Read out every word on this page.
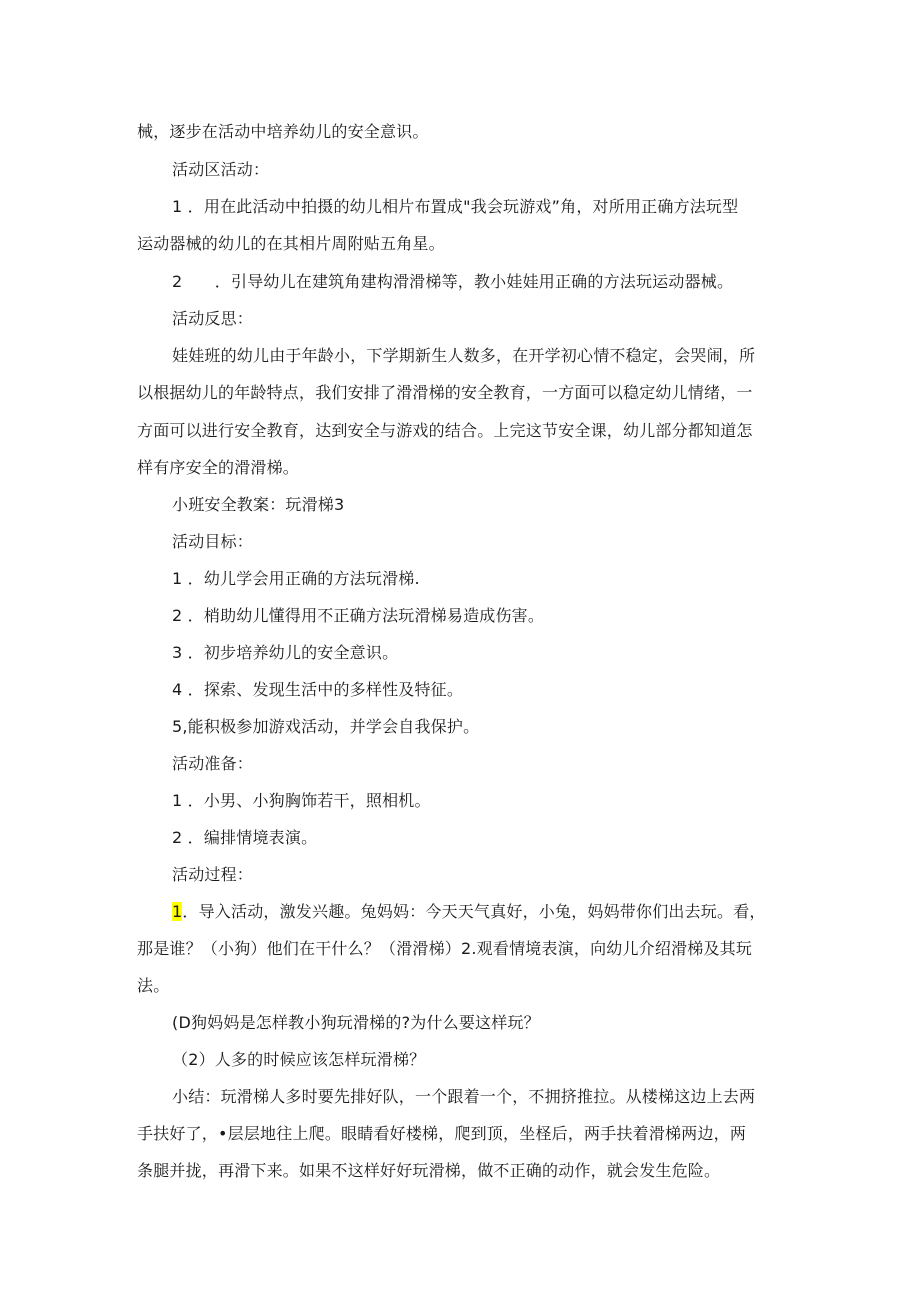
械，逐步在活动中培养幼儿的安全意识。
活动区活动：
1 ．用在此活动中拍摄的幼儿相片布置成"我会玩游戏”角，对所用正确方法玩型
运动器械的幼儿的在其相片周附贴五角星。
2　　．引导幼儿在建筑角建构滑滑梯等，教小娃娃用正确的方法玩运动器械。
活动反思：
娃娃班的幼儿由于年龄小，下学期新生人数多，在开学初心情不稳定，会哭闹，所
以根据幼儿的年龄特点，我们安排了滑滑梯的安全教育，一方面可以稳定幼儿情绪，一
方面可以进行安全教育，达到安全与游戏的结合。上完这节安全课，幼儿部分都知道怎
样有序安全的滑滑梯。
小班安全教案：玩滑梯3
活动目标：
1 ．幼儿学会用正确的方法玩滑梯.
2 ．梢助幼儿懂得用不正确方法玩滑梯易造成伤害。
3 ．初步培养幼儿的安全意识。
4 ．探索、发现生活中的多样性及特征。
5,能积极参加游戏活动，并学会自我保护。
活动准备：
1 ．小男、小狗胸饰若干，照相机。
2 ．编排情境表演。
活动过程：
1．导入活动，激发兴趣。兔妈妈：今天天气真好，小兔，妈妈带你们出去玩。看，
那是谁？（小狗）他们在干什么？（滑滑梯）2.观看情境表演，向幼儿介绍滑梯及其玩
法。
(D狗妈妈是怎样教小狗玩滑梯的?为什么要这样玩？
（2）人多的时候应该怎样玩滑梯？
小结：玩滑梯人多时要先排好队，一个跟着一个，不拥挤推拉。从楼梯这边上去两
手扶好了，•层层地往上爬。眼睛看好楼梯，爬到顶，坐柽后，两手扶着滑梯两边，两
条腿并拢，再滑下来。如果不这样好好玩滑梯，做不正确的动作，就会发生危险。
